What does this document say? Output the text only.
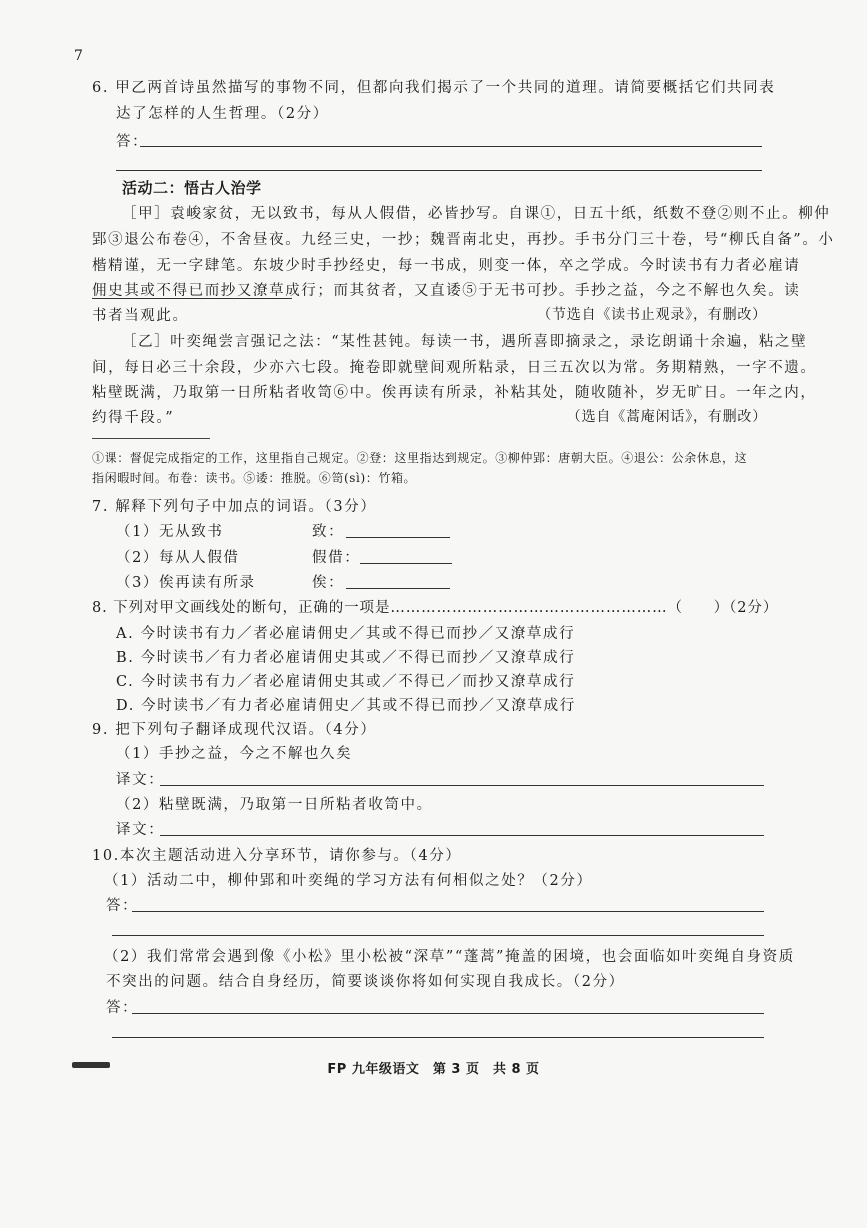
7
6. 甲乙两首诗虽然描写的事物不同，但都向我们揭示了一个共同的道理。请简要概括它们共同表
达了怎样的人生哲理。（2分）
答：
活动二：悟古人治学
［甲］袁峻家贫，无以致书，每从人假借，必皆抄写。自课①，日五十纸，纸数不登②则不止。柳仲
郢③退公布卷④，不舍昼夜。九经三史，一抄；魏晋南北史，再抄。手书分门三十卷，号“柳氏自备”。小
楷精谨，无一字肆笔。东坡少时手抄经史，每一书成，则变一体，卒之学成。今时读书有力者必雇请
佣史其或不得已而抄又潦草成行；而其贫者，又直诿⑤于无书可抄。手抄之益，今之不解也久矣。读
书者当观此。	（节选自《读书止观录》，有删改）
［乙］叶奕绳尝言强记之法：“某性甚钝。每读一书，遇所喜即摘录之，录讫朗诵十余遍，粘之壁
间，每日必三十余段，少亦六七段。掩卷即就壁间观所粘录，日三五次以为常。务期精熟，一字不遗。
粘壁既满，乃取第一日所粘者收笥⑥中。俟再读有所录，补粘其处，随收随补，岁无旷日。一年之内，
约得千段。”	（选自《蒿庵闲话》，有删改）
①课：督促完成指定的工作，这里指自己规定。②登：这里指达到规定。③柳仲郢：唐朝大臣。④退公：公余休息，这
指闲暇时间。布卷：读书。⑤诿：推脱。⑥笥(sì)：竹箱。
7. 解释下列句子中加点的词语。（3分）
（1）无从致书	致：
（2）每从人假借	假借：
（3）俟再读有所录	俟：
8. 下列对甲文画线处的断句，正确的一项是………………………………………………（　　）（2分）
A. 今时读书有力／者必雇请佣史／其或不得已而抄／又潦草成行
B. 今时读书／有力者必雇请佣史其或／不得已而抄／又潦草成行
C. 今时读书有力／者必雇请佣史其或／不得已／而抄又潦草成行
D. 今时读书／有力者必雇请佣史／其或不得已而抄／又潦草成行
9. 把下列句子翻译成现代汉语。（4分）
（1）手抄之益，今之不解也久矣
译文：
（2）粘壁既满，乃取第一日所粘者收笥中。
译文：
10.本次主题活动进入分享环节，请你参与。（4分）
（1）活动二中，柳仲郢和叶奕绳的学习方法有何相似之处？（2分）
答：
（2）我们常常会遇到像《小松》里小松被“深草”“蓬蒿”掩盖的困境，也会面临如叶奕绳自身资质
不突出的问题。结合自身经历，简要谈谈你将如何实现自我成长。（2分）
答：
FP 九年级语文　第 3 页　共 8 页
